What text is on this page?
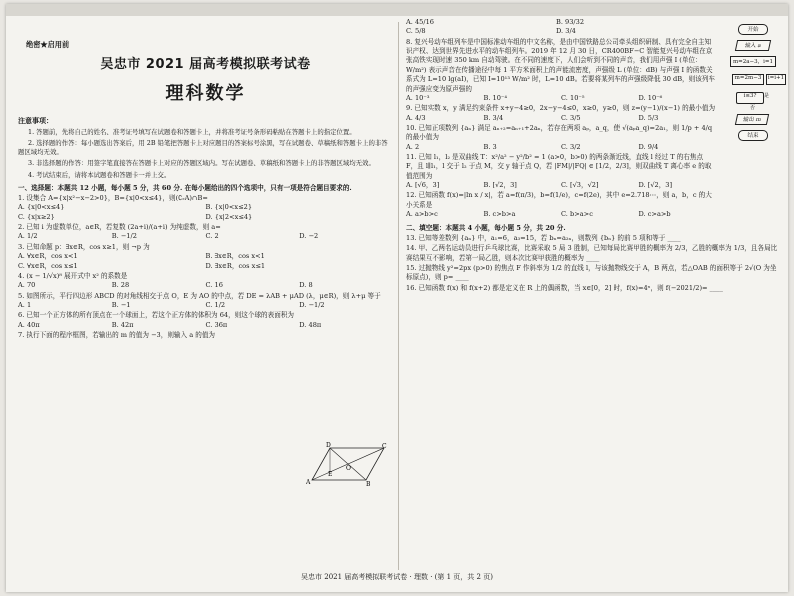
绝密★启用前
吴忠市 2021 届高考模拟联考试卷
理科数学
注意事项：

1. 答题前，先将自己的姓名、准考证号填写在试题卷和答题卡上，并将准考证号条形码粘贴在答题卡上的指定位置。

2. 选择题的作答：每小题选出答案后，用 2B 铅笔把答题卡上对应题目的答案标号涂黑，写在试题卷、草稿纸和答题卡上的非答题区域均无效。

3. 非选择题的作答：用签字笔直接答在答题卡上对应的答题区域内。写在试题卷、草稿纸和答题卡上的非答题区域均无效。

4. 考试结束后，请将本试题卷和答题卡一并上交。

一、选择题：本题共 12 小题，每小题 5 分，共 60 分. 在每小题给出的四个选项中，只有一项是符合题目要求的.
1. 设集合 A={x|x²−x−2>0}，B={x|0<x≤4}，则(∁ᵣA)∩B=
A. {x|0<x≤4}	B. {x|0<x≤2}
C. {x|x≥2}	D. {x|2<x≤4}
2. 已知 i 为虚数单位，a∈R，若复数 (2a+i)/(a+i) 为纯虚数，则 a=
A. 1/2	B. −1/2	C. 2	D. −2
3. 已知命题 p：∃x∈R，cos x≥1，则 ¬p 为
A. ∀x∈R，cos x<1	B. ∃x∈R，cos x<1
C. ∀x∈R，cos x≤1	D. ∃x∈R，cos x≤1
4. (x − 1/√x)⁸ 展开式中 x² 的系数是
A. 70	B. 28	C. 16	D. 8
5. 如图所示，平行四边形 ABCD 的对角线相交于点 O，E 为 AO 的中点，若 DE = λAB + μAD (λ，μ∈R)，则 λ+μ 等于
A. 1	B. −1	C. 1/2	D. −1/2
6. 已知一个正方体的所有顶点在一个球面上，若这个正方体的体积为 64，则这个球的表面积为
A. 40π	B. 42π	C. 36π	D. 48π
7. 执行下面的程序框图，若输出的 m 的值为 −3，则输入 a 的值为
A. 45/16	B. 93/32
C. 5/8	D. 3/4
8. 复兴号动车组列车是中国标准动车组的中文名称，是由中国铁路总公司牵头组织研制、具有完全自主知识产权、达到世界先进水平的动车组列车。2019 年 12 月 30 日，CR400BF−C 智能复兴号动车组在京张高铁实现时速 350 km 自动驾驶。在不同的速度下，人们会听到不同的声音，我们用声强 I (单位：W/m²) 表示声音在传播途径中每 1 平方米面积上的声能流密度，声强级 L (单位：dB) 与声强 I 的函数关系式为 L=10 lg(aI)，已知 I=10¹³ W/m² 时，L=10 dB。若要将某列车的声强级降低 30 dB，则该列车的声强应变为原声强的
A. 10⁻³	B. 10⁻⁴	C. 10⁻⁵	D. 10⁻⁶
9. 已知实数 x，y 满足约束条件 x+y−4≥0，2x−y−4≤0，x≥0，y≥0，则 z=(y−1)/(x−1) 的最小值为
A. 4/3	B. 3/4	C. 3/5	D. 5/3
10. 已知正项数列 {aₙ} 满足 aₙ₊₂=aₙ₊₁+2aₙ，若存在两项 aₚ，a_q，使 √(aₚa_q)=2a₁，则 1/p + 4/q 的最小值为
A. 2	B. 3	C. 3/2	D. 9/4
11. 已知 l₁，l₂ 是双曲线 T：x²/a² − y²/b² = 1 (a>0，b>0) 的两条渐近线，直线 l 经过 T 的右焦点 F，且 l∥l₁，l 交于 l₂ 于点 M，交 y 轴于点 Q，若 |FM|/|FQ| ∈ [1/2，2/3]，则双曲线 T 离心率 e 的取值范围为
A. [√6，3]	B. [√2，3]	C. [√3，√2]	D. [√2，3]
12. 已知函数 f(x)=|ln x / x|，若 a=f(π/3)，b=f(1/e)，c=f(2e)，其中 e=2.718⋯，则 a，b，c 的大小关系是
A. a>b>c	B. c>b>a	C. b>a>c	D. c>a>b
二、填空题：本题共 4 小题，每小题 5 分，共 20 分.
13. 已知等差数列 {aₙ} 中，a₁=6，a₃=15，若 bₙ=a₂ₙ，则数列 {bₙ} 的前 5 项和等于 ____
14. 甲、乙两名运动员进行乒乓球比赛，比赛采取 5 局 3 胜制，已知每局比赛甲胜的概率为 2/3，乙胜的概率为 1/3，且各局比赛结果互不影响，若第一局乙胜，则本次比赛甲获胜的概率为 ____
15. 过抛物线 y²=2px (p>0) 的焦点 F 作斜率为 1/2 的直线 l，与该抛物线交于 A，B 两点，若△OAB 的面积等于 2√(O 为坐标原点)，则 p= ____
16. 已知函数 f(x) 和 f(x+2) 都是定义在 R 上的偶函数，当 x∈[0，2] 时，f(x)=4ˣ，则 f(−2021/2)= ____
开始
输入 a
m=2a−3，i=1
m=2m−3	i=i+1
i≤3?	是
否
输出 m
结束
A	B
C
D
E
O
吴忠市 2021 届高考模拟联考试卷 · 理数 · (第 1 页，共 2 页)
